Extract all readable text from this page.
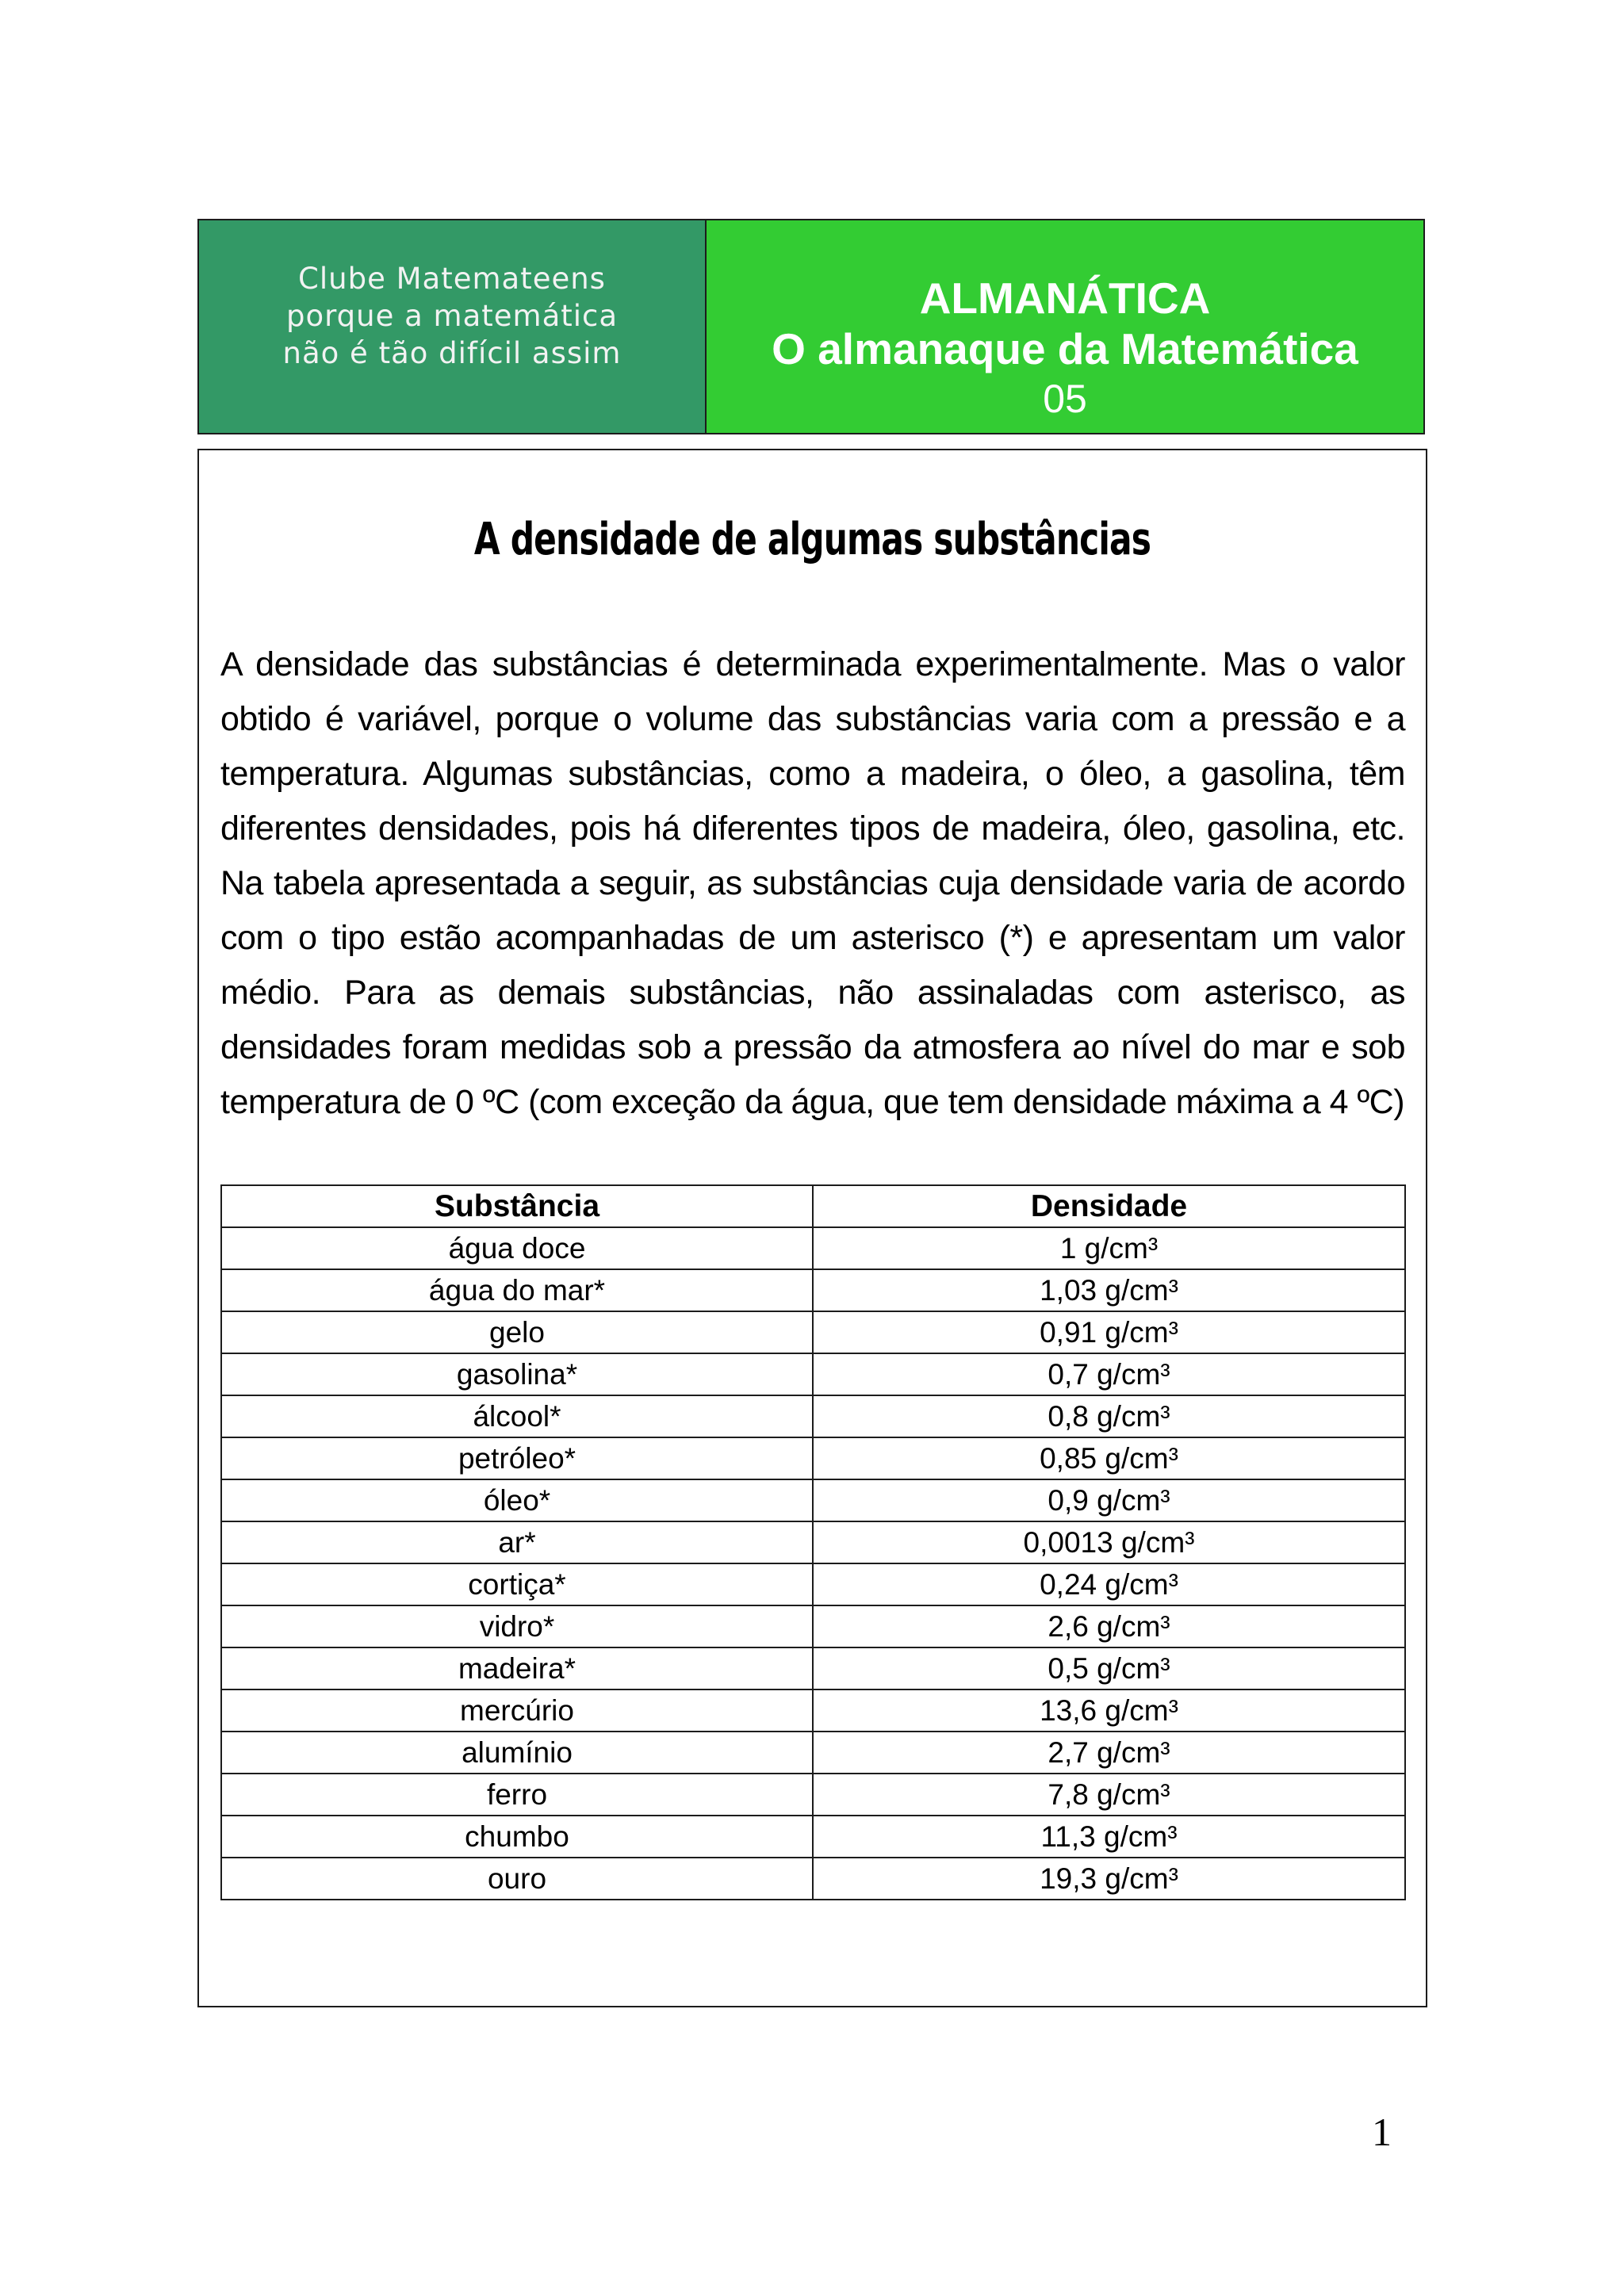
Clube Matemateens
porque a matemática
não é tão difícil assim
ALMANÁTICA
O almanaque da Matemática
05
A densidade de algumas substâncias

A densidade das substâncias é determinada experimentalmente. Mas o valor obtido é variável, porque o volume das substâncias varia com a pressão e a temperatura. Algumas substâncias, como a madeira, o óleo, a gasolina, têm diferentes densidades, pois há diferentes tipos de madeira, óleo, gasolina, etc. Na tabela apresentada a seguir, as substâncias cuja densidade varia de acordo com o tipo estão acompanhadas de um asterisco (*) e apresentam um valor médio. Para as demais substâncias, não assinaladas com asterisco, as densidades foram medidas sob a pressão da atmosfera ao nível do mar e sob temperatura de 0 ºC (com exceção da água, que tem densidade máxima a 4 ºC)

Substância	Densidade
água doce	1 g/cm³
água do mar*	1,03 g/cm³
gelo	0,91 g/cm³
gasolina*	0,7 g/cm³
álcool*	0,8 g/cm³
petróleo*	0,85 g/cm³
óleo*	0,9 g/cm³
ar*	0,0013 g/cm³
cortiça*	0,24 g/cm³
vidro*	2,6 g/cm³
madeira*	0,5 g/cm³
mercúrio	13,6 g/cm³
alumínio	2,7 g/cm³
ferro	7,8 g/cm³
chumbo	11,3 g/cm³
ouro	19,3 g/cm³
1
